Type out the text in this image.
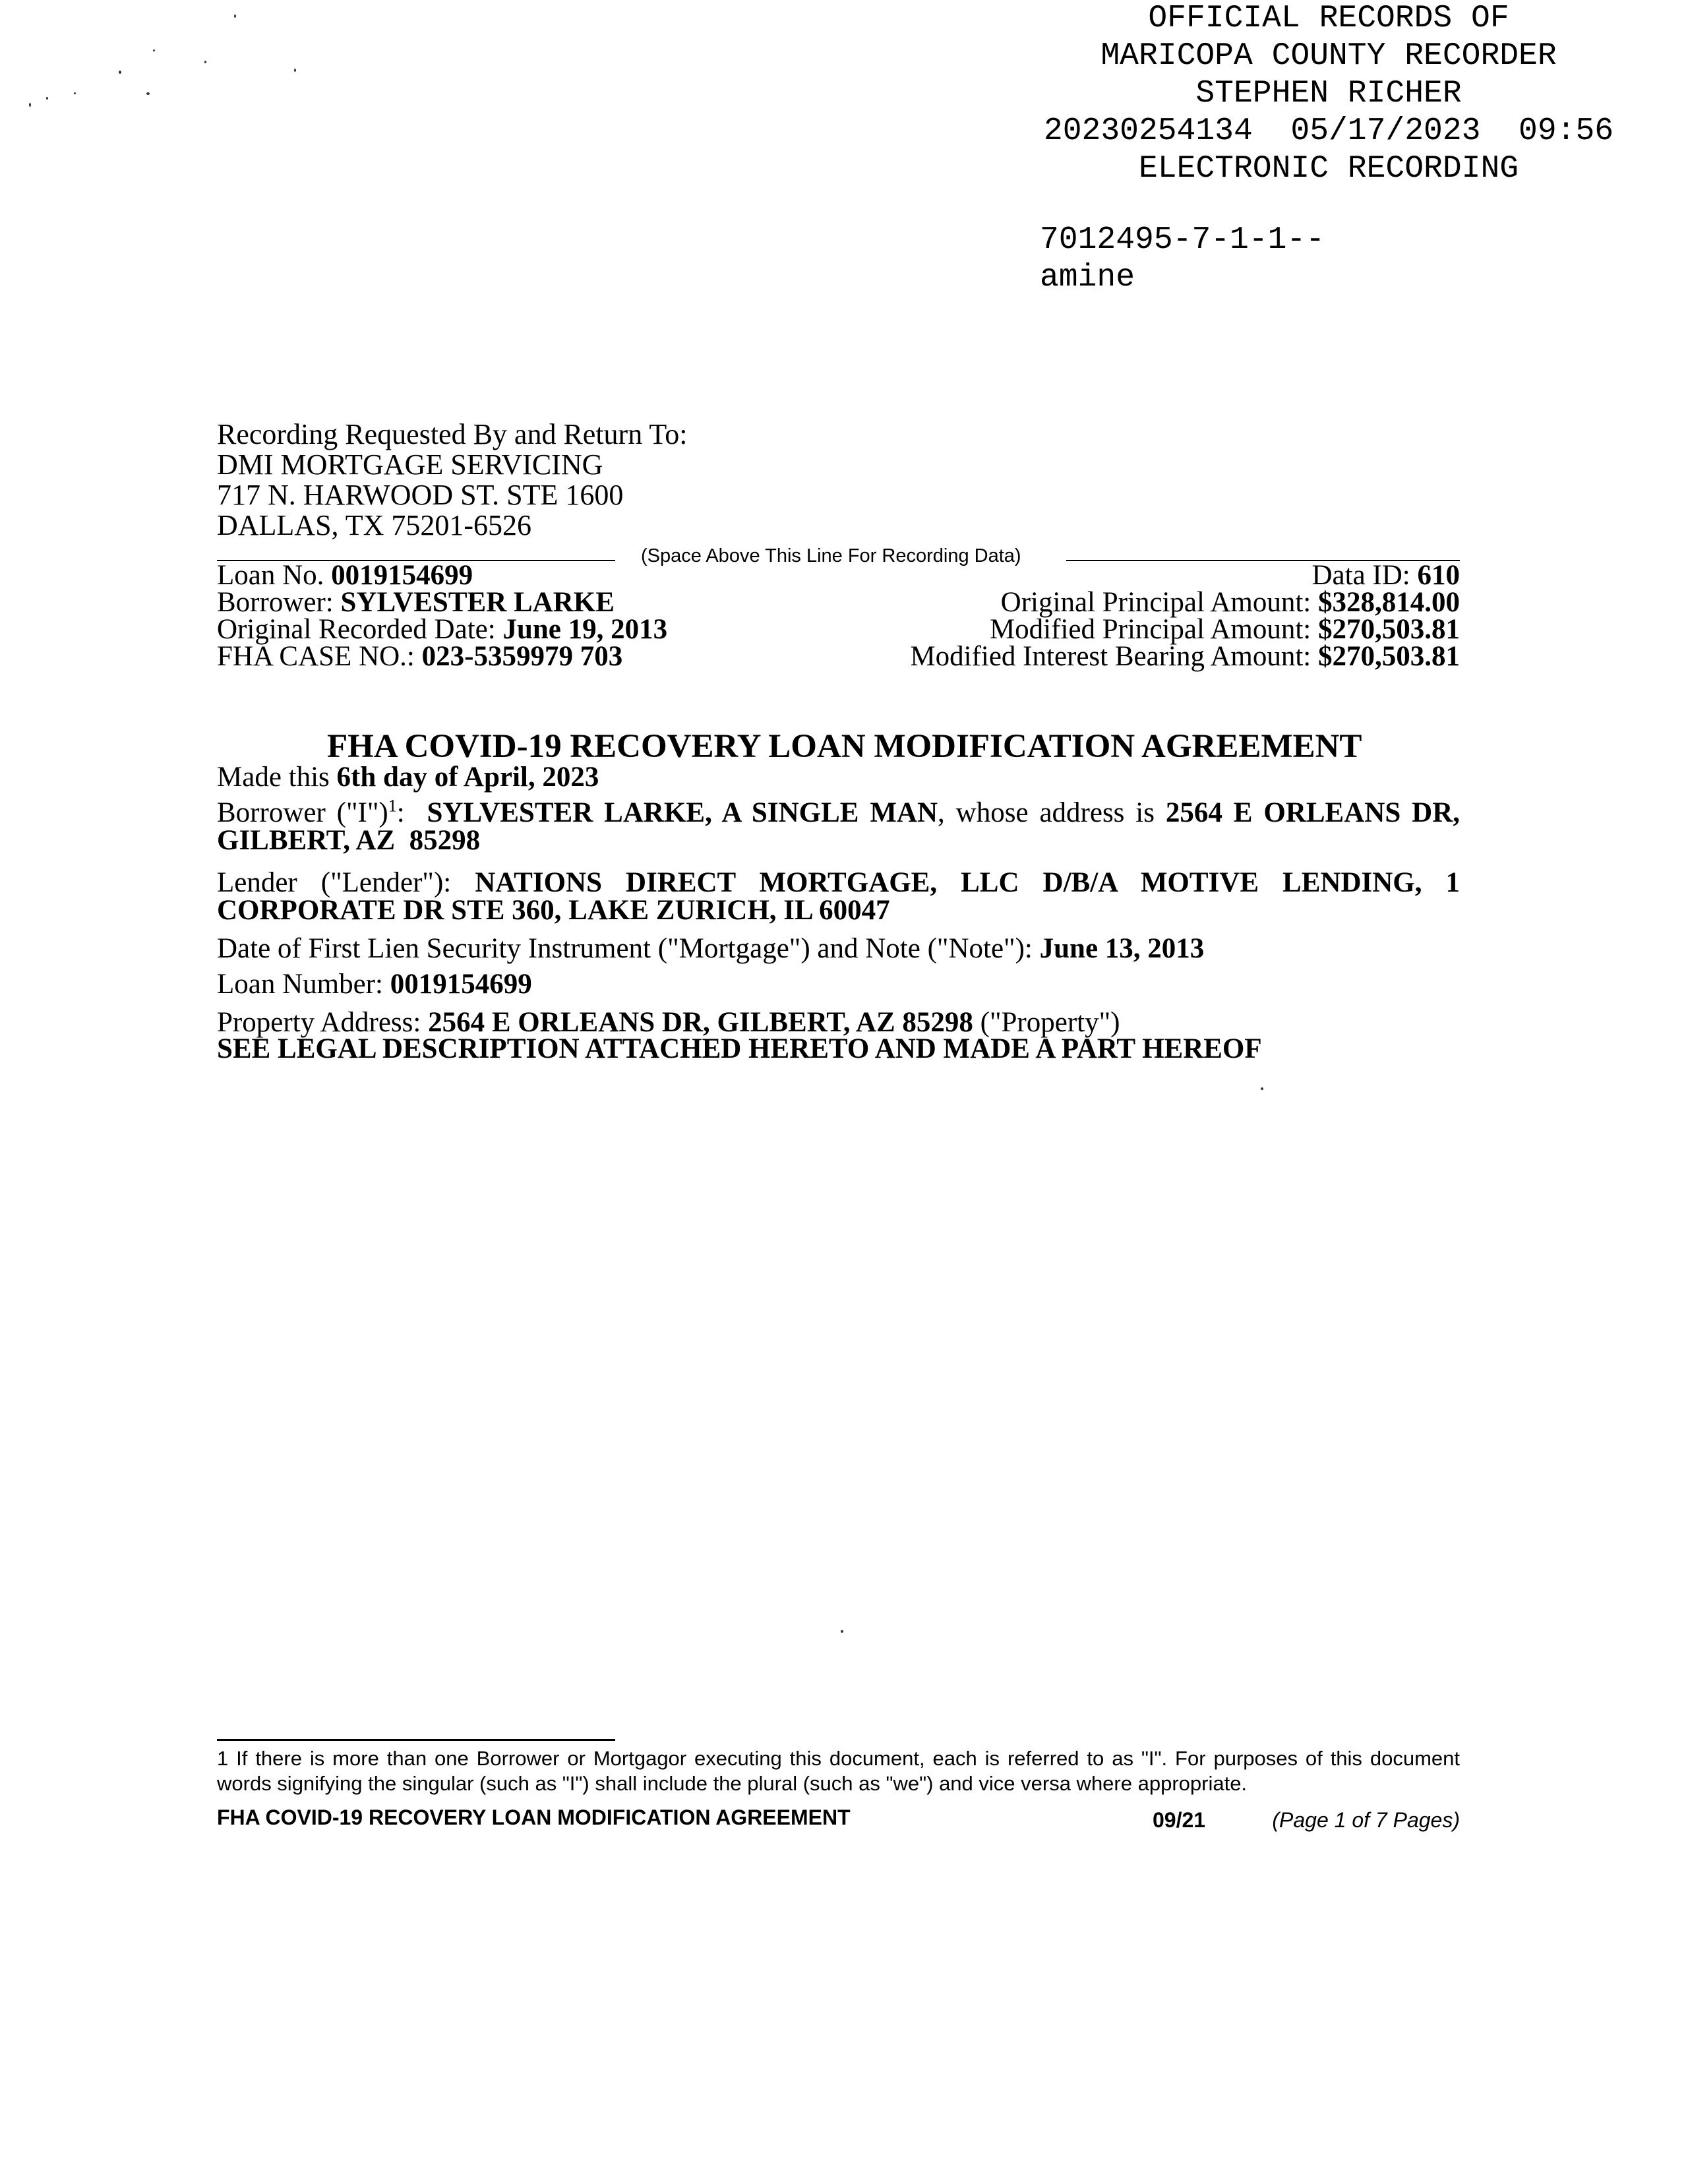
OFFICIAL RECORDS OF
MARICOPA COUNTY RECORDER
STEPHEN RICHER
20230254134  05/17/2023  09:56
ELECTRONIC RECORDING
7012495-7-1-1--
amine
Recording Requested By and Return To:
DMI MORTGAGE SERVICING
717 N. HARWOOD ST. STE 1600
DALLAS, TX 75201-6526
(Space Above This Line For Recording Data)
Loan No. 0019154699
Borrower: SYLVESTER LARKE
Original Recorded Date: June 19, 2013
FHA CASE NO.: 023-5359979 703
Data ID: 610
Original Principal Amount: $328,814.00
Modified Principal Amount: $270,503.81
Modified Interest Bearing Amount: $270,503.81
FHA COVID-19 RECOVERY LOAN MODIFICATION AGREEMENT
Made this 6th day of April, 2023
Borrower ("I")$^1$: SYLVESTER LARKE, A SINGLE MAN, whose address is 2564 E ORLEANS DR, GILBERT, AZ  85298
Lender ("Lender"): NATIONS DIRECT MORTGAGE, LLC D/B/A MOTIVE LENDING, 1 CORPORATE DR STE 360, LAKE ZURICH, IL 60047
Date of First Lien Security Instrument ("Mortgage") and Note ("Note"): June 13, 2013
Loan Number: 0019154699
Property Address: 2564 E ORLEANS DR, GILBERT, AZ 85298 ("Property")
SEE LEGAL DESCRIPTION ATTACHED HERETO AND MADE A PART HEREOF
1 If there is more than one Borrower or Mortgagor executing this document, each is referred to as "I". For purposes of this document words signifying the singular (such as "I") shall include the plural (such as "we") and vice versa where appropriate.
FHA COVID-19 RECOVERY LOAN MODIFICATION AGREEMENT	09/21	(Page 1 of 7 Pages)
